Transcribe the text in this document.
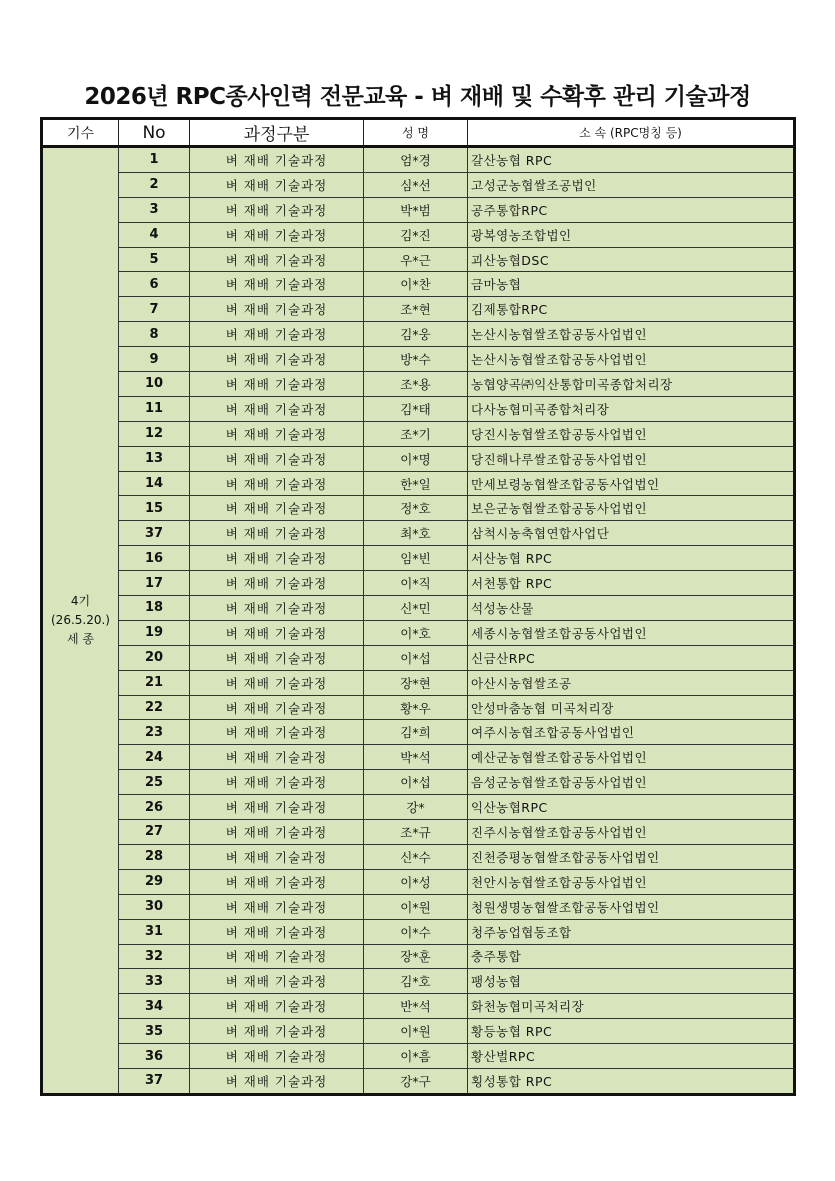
2026년 RPC종사인력 전문교육 - 벼 재배 및 수확후 관리 기술과정
기수	No	과정구분	성 명	소 속 (RPC명칭 등)

4기
(26.5.20.)
세 종	1	벼 재배 기술과정	엄*경	갈산농협 RPC
	2	벼 재배 기술과정	심*선	고성군농협쌀조공법인
	3	벼 재배 기술과정	박*범	공주통합RPC
	4	벼 재배 기술과정	김*진	광복영농조합법인
	5	벼 재배 기술과정	우*근	괴산농협DSC
	6	벼 재배 기술과정	이*찬	금마농협
	7	벼 재배 기술과정	조*현	김제통합RPC
	8	벼 재배 기술과정	김*웅	논산시농협쌀조합공동사업법인
	9	벼 재배 기술과정	방*수	논산시농협쌀조합공동사업법인
	10	벼 재배 기술과정	조*용	농협양곡㈜익산통합미곡종합처리장
	11	벼 재배 기술과정	김*태	다사농협미곡종합처리장
	12	벼 재배 기술과정	조*기	당진시농협쌀조합공동사업법인
	13	벼 재배 기술과정	이*명	당진해나루쌀조합공동사업법인
	14	벼 재배 기술과정	한*일	만세보령농협쌀조합공동사업법인
	15	벼 재배 기술과정	정*호	보은군농협쌀조합공동사업법인
	37	벼 재배 기술과정	최*호	삼척시농축협연합사업단
	16	벼 재배 기술과정	임*빈	서산농협 RPC
	17	벼 재배 기술과정	이*직	서천통합 RPC
	18	벼 재배 기술과정	신*민	석성농산물
	19	벼 재배 기술과정	이*호	세종시농협쌀조합공동사업법인
	20	벼 재배 기술과정	이*섭	신금산RPC
	21	벼 재배 기술과정	장*현	아산시농협쌀조공
	22	벼 재배 기술과정	황*우	안성마춤농협 미곡처리장
	23	벼 재배 기술과정	김*희	여주시농협조합공동사업법인
	24	벼 재배 기술과정	박*석	예산군농협쌀조합공동사업법인
	25	벼 재배 기술과정	이*섭	음성군농협쌀조합공동사업법인
	26	벼 재배 기술과정	강*	익산농협RPC
	27	벼 재배 기술과정	조*규	진주시농협쌀조합공동사업법인
	28	벼 재배 기술과정	신*수	진천증평농협쌀조합공동사업법인
	29	벼 재배 기술과정	이*성	천안시농협쌀조합공동사업법인
	30	벼 재배 기술과정	이*원	청원생명농협쌀조합공동사업법인
	31	벼 재배 기술과정	이*수	청주농업협동조합
	32	벼 재배 기술과정	장*훈	충주통합
	33	벼 재배 기술과정	김*호	팽성농협
	34	벼 재배 기술과정	반*석	화천농협미곡처리장
	35	벼 재배 기술과정	이*원	황등농협 RPC
	36	벼 재배 기술과정	이*흠	황산벌RPC
	37	벼 재배 기술과정	강*구	횡성통합 RPC
